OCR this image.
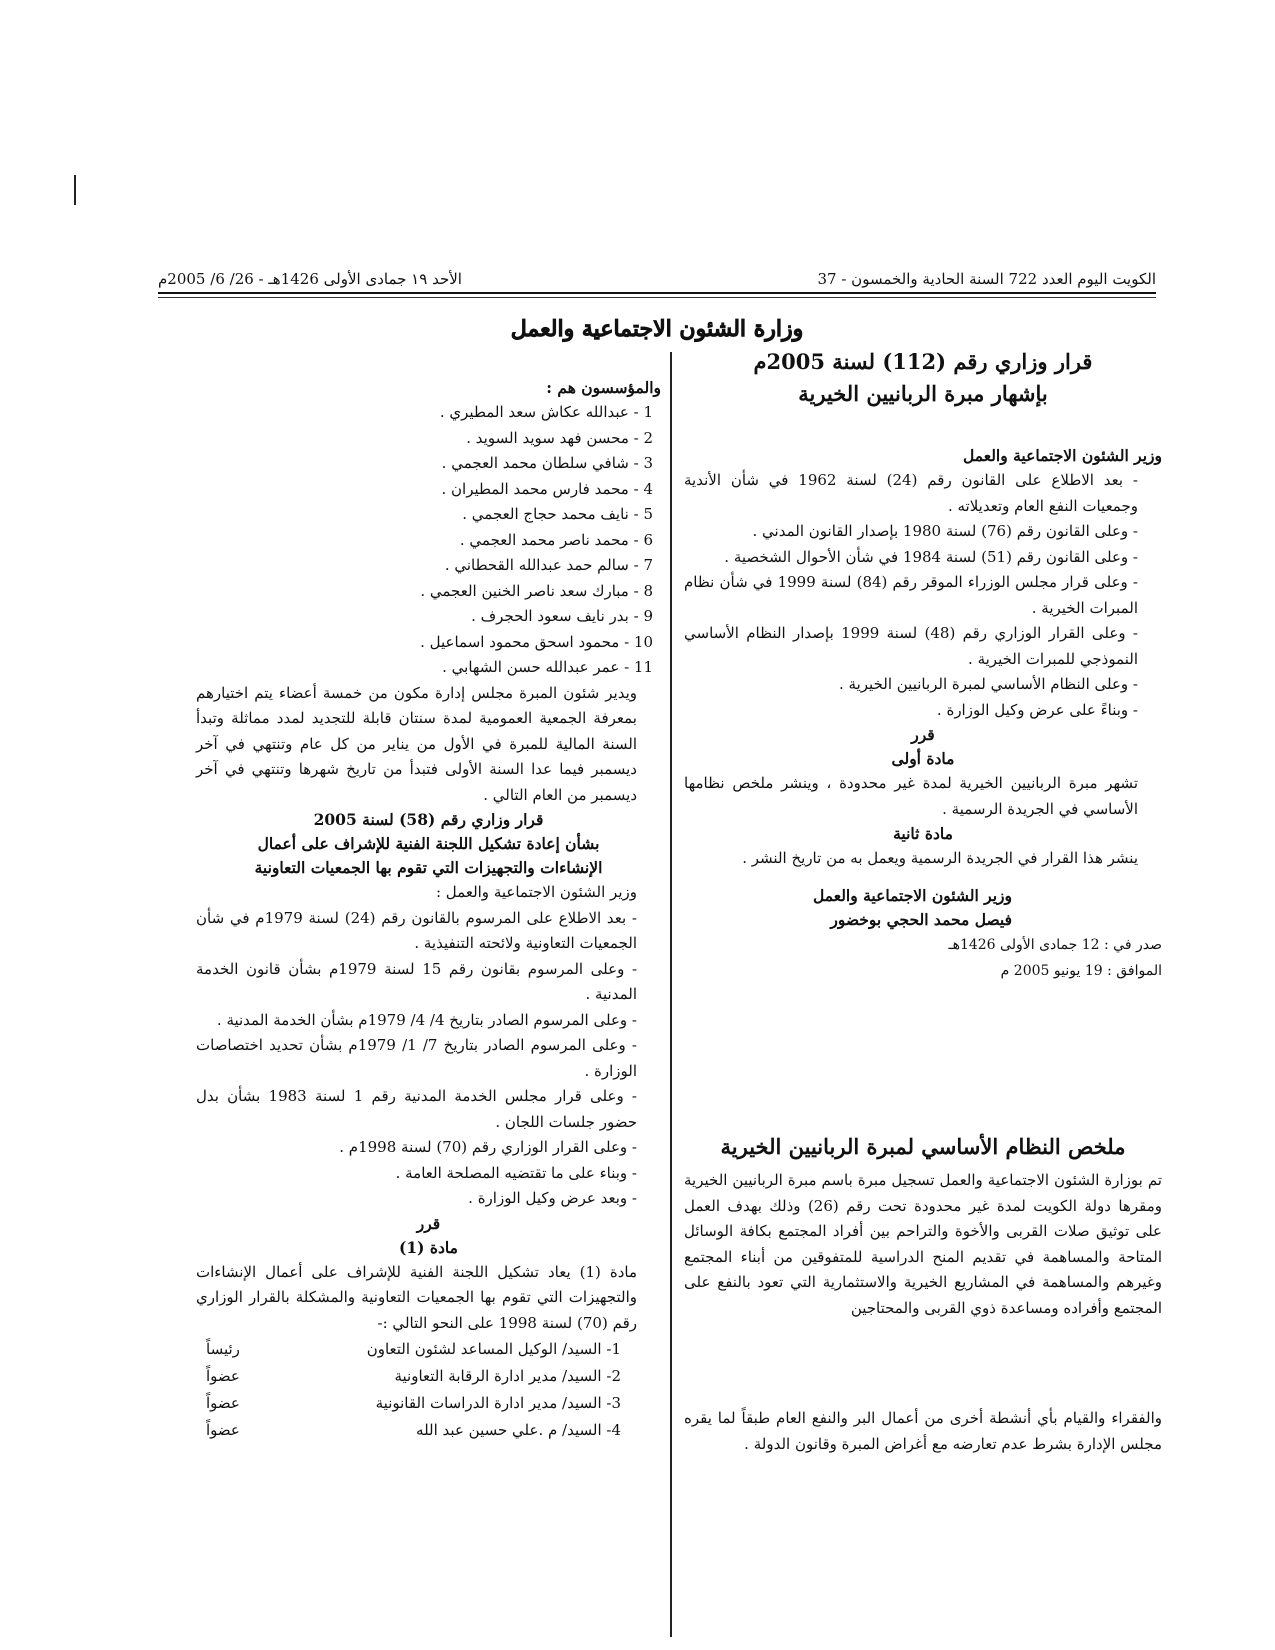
الكويت اليوم العدد 722 السنة الحادية والخمسون - 37
الأحد ١٩ جمادى الأولى 1426هـ - 26/ 6/ 2005م
وزارة الشئون الاجتماعية والعمل
قرار وزاري رقم (112) لسنة 2005م
بإشهار مبرة الربانيين الخيرية
وزير الشئون الاجتماعية والعمل
- بعد الاطلاع على القانون رقم (24) لسنة 1962 في شأن الأندية وجمعيات النفع العام وتعديلاته .
- وعلى القانون رقم (76) لسنة 1980 بإصدار القانون المدني .
- وعلى القانون رقم (51) لسنة 1984 في شأن الأحوال الشخصية .
- وعلى قرار مجلس الوزراء الموقر رقم (84) لسنة 1999 في شأن نظام المبرات الخيرية .
- وعلى القرار الوزاري رقم (48) لسنة 1999 بإصدار النظام الأساسي النموذجي للمبرات الخيرية .
- وعلى النظام الأساسي لمبرة الربانيين الخيرية .
- وبناءً على عرض وكيل الوزارة .
قرر
مادة أولى
تشهر مبرة الربانيين الخيرية لمدة غير محدودة ، وينشر ملخص نظامها الأساسي في الجريدة الرسمية .
مادة ثانية
ينشر هذا القرار في الجريدة الرسمية ويعمل به من تاريخ النشر .
وزير الشئون الاجتماعية والعمل
فيصل محمد الحجي بوخضور
صدر في : 12 جمادى الأولى 1426هـ
الموافق : 19 يونيو 2005 م
ملخص النظام الأساسي لمبرة الربانيين الخيرية
تم بوزارة الشئون الاجتماعية والعمل تسجيل مبرة باسم مبرة الربانيين الخيرية ومقرها دولة الكويت لمدة غير محدودة تحت رقم (26) وذلك بهدف العمل على توثيق صلات القربى والأخوة والتراحم بين أفراد المجتمع بكافة الوسائل المتاحة والمساهمة في تقديم المنح الدراسية للمتفوقين من أبناء المجتمع وغيرهم والمساهمة في المشاريع الخيرية والاستثمارية التي تعود بالنفع على المجتمع وأفراده ومساعدة ذوي القربى والمحتاجين
والفقراء والقيام بأي أنشطة أخرى من أعمال البر والنفع العام طبقاً لما يقره مجلس الإدارة بشرط عدم تعارضه مع أغراض المبرة وقانون الدولة .
والمؤسسون هم :
1 - عبدالله عكاش سعد المطيري .
2 - محسن فهد سويد السويد .
3 - شافي سلطان محمد العجمي .
4 - محمد فارس محمد المطيران .
5 - نايف محمد حجاج العجمي .
6 - محمد ناصر محمد العجمي .
7 - سالم حمد عبدالله القحطاني .
8 - مبارك سعد ناصر الخنين العجمي .
9 - بدر نايف سعود الحجرف .
10 - محمود اسحق محمود اسماعيل .
11 - عمر عبدالله حسن الشهابي .
ويدير شئون المبرة مجلس إدارة مكون من خمسة أعضاء يتم اختيارهم بمعرفة الجمعية العمومية لمدة سنتان قابلة للتجديد لمدد مماثلة وتبدأ السنة المالية للمبرة في الأول من يناير من كل عام وتنتهي في آخر ديسمبر فيما عدا السنة الأولى فتبدأ من تاريخ شهرها وتنتهي في آخر ديسمبر من العام التالي .
قرار وزاري رقم (58) لسنة 2005
بشأن إعادة تشكيل اللجنة الفنية للإشراف على أعمال
الإنشاءات والتجهيزات التي تقوم بها الجمعيات التعاونية
وزير الشئون الاجتماعية والعمل :
- بعد الاطلاع على المرسوم بالقانون رقم (24) لسنة 1979م في شأن الجمعيات التعاونية ولائحته التنفيذية .
- وعلى المرسوم بقانون رقم 15 لسنة 1979م بشأن قانون الخدمة المدنية .
- وعلى المرسوم الصادر بتاريخ 4/ 4/ 1979م بشأن الخدمة المدنية .
- وعلى المرسوم الصادر بتاريخ 7/ 1/ 1979م بشأن تحديد اختصاصات الوزارة .
- وعلى قرار مجلس الخدمة المدنية رقم 1 لسنة 1983 بشأن بدل حضور جلسات اللجان .
- وعلى القرار الوزاري رقم (70) لسنة 1998م .
- وبناء على ما تقتضيه المصلحة العامة .
- وبعد عرض وكيل الوزارة .
قرر
مادة (1)
مادة (1) يعاد تشكيل اللجنة الفنية للإشراف على أعمال الإنشاءات والتجهيزات التي تقوم بها الجمعيات التعاونية والمشكلة بالقرار الوزاري رقم (70) لسنة 1998 على النحو التالي :-
1- السيد/ الوكيل المساعد لشئون التعاون
رئيساً
2- السيد/ مدير ادارة الرقابة التعاونية
عضواً
3- السيد/ مدير ادارة الدراسات القانونية
عضواً
4- السيد/ م .علي حسين عبد الله
عضواً
